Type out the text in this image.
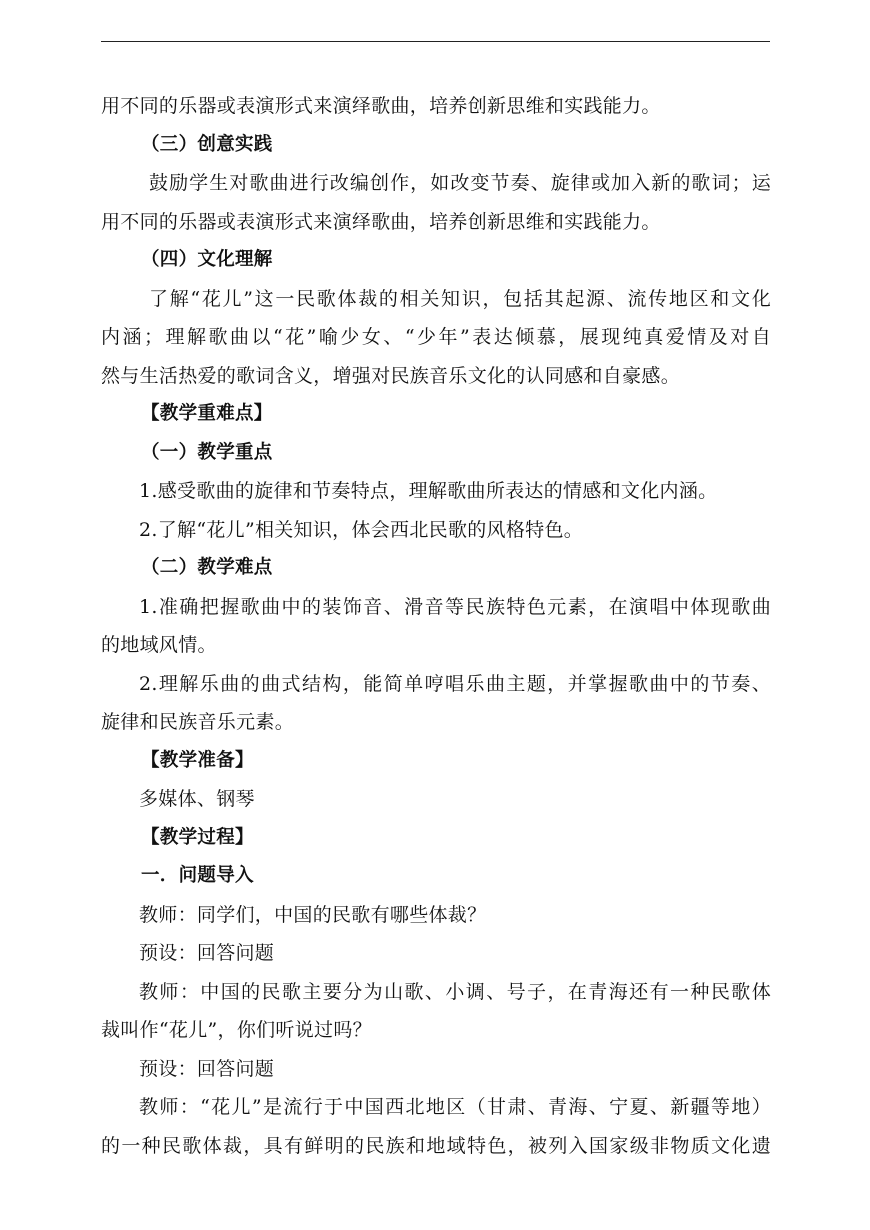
用不同的乐器或表演形式来演绎歌曲，培养创新思维和实践能力。
（三）创意实践
鼓励学生对歌曲进行改编创作，如改变节奏、旋律或加入新的歌词；运
用不同的乐器或表演形式来演绎歌曲，培养创新思维和实践能力。
（四）文化理解
了解“花儿”这一民歌体裁的相关知识，包括其起源、流传地区和文化
内涵；理解歌曲以“花”喻少女、“少年”表达倾慕，展现纯真爱情及对自
然与生活热爱的歌词含义，增强对民族音乐文化的认同感和自豪感。
【教学重难点】
（一）教学重点
1.感受歌曲的旋律和节奏特点，理解歌曲所表达的情感和文化内涵。
2.了解“花儿”相关知识，体会西北民歌的风格特色。
（二）教学难点
1.准确把握歌曲中的装饰音、滑音等民族特色元素，在演唱中体现歌曲
的地域风情。
2.理解乐曲的曲式结构，能简单哼唱乐曲主题，并掌握歌曲中的节奏、
旋律和民族音乐元素。
【教学准备】
多媒体、钢琴
【教学过程】
一．问题导入
教师：同学们，中国的民歌有哪些体裁？
预设：回答问题
教师：中国的民歌主要分为山歌、小调、号子，在青海还有一种民歌体
裁叫作“花儿”，你们听说过吗？
预设：回答问题
教师：“花儿”是流行于中国西北地区（甘肃、青海、宁夏、新疆等地）
的一种民歌体裁，具有鲜明的民族和地域特色，被列入国家级非物质文化遗
